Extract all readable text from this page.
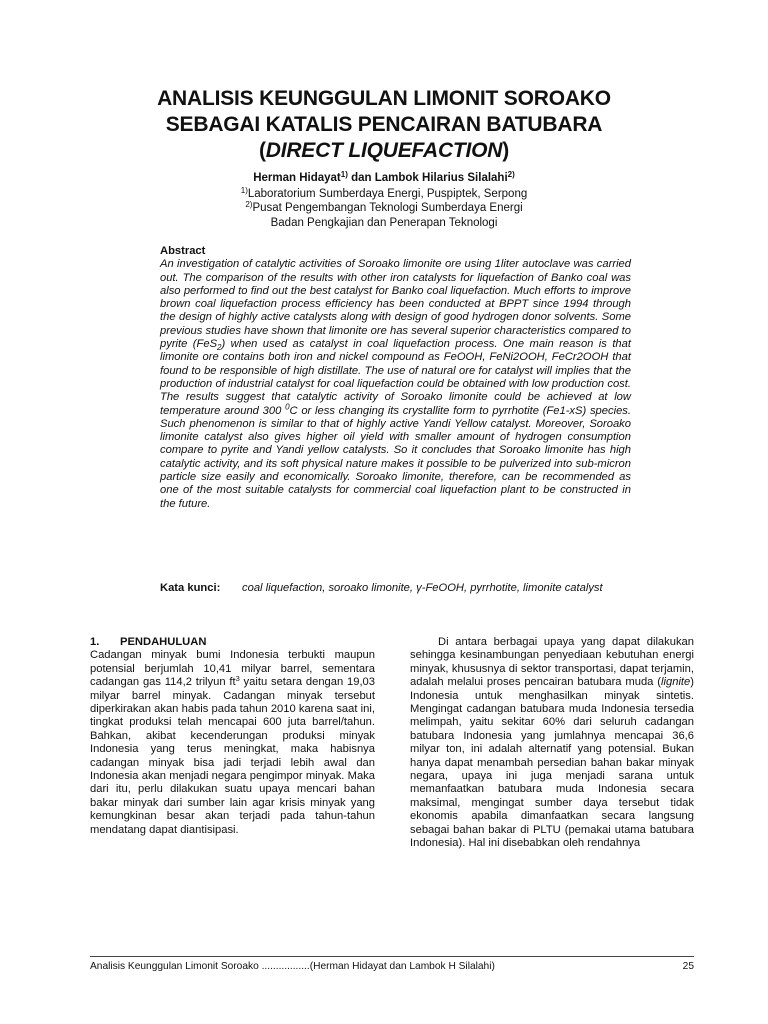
ANALISIS KEUNGGULAN LIMONIT SOROAKO
SEBAGAI KATALIS PENCAIRAN BATUBARA
(DIRECT LIQUEFACTION)
Herman Hidayat$^{1)}$ dan Lambok Hilarius Silalahi$^{2)}$
$^{1)}$Laboratorium Sumberdaya Energi, Puspiptek, Serpong
$^{2)}$Pusat Pengembangan Teknologi Sumberdaya Energi
Badan Pengkajian dan Penerapan Teknologi
Abstract
An investigation of catalytic activities of Soroako limonite ore using 1liter autoclave was carried out. The comparison of the results with other iron catalysts for liquefaction of Banko coal was also performed to find out the best catalyst for Banko coal liquefaction. Much efforts to improve brown coal liquefaction process efficiency has been conducted at BPPT since 1994 through the design of highly active catalysts along with design of good hydrogen donor solvents. Some previous studies have shown that limonite ore has several superior characteristics compared to pyrite (FeS$_2$) when used as catalyst in coal liquefaction process. One main reason is that limonite ore contains both iron and nickel compound as FeOOH, FeNi2OOH, FeCr2OOH that found to be responsible of high distillate. The use of natural ore for catalyst will implies that the production of industrial catalyst for coal liquefaction could be obtained with low production cost. The results suggest that catalytic activity of Soroako limonite could be achieved at low temperature around 300 $^0$C or less changing its crystallite form to pyrrhotite (Fe1-xS) species. Such phenomenon is similar to that of highly active Yandi Yellow catalyst. Moreover, Soroako limonite catalyst also gives higher oil yield with smaller amount of hydrogen consumption compare to pyrite and Yandi yellow catalysts. So it concludes that Soroako limonite has high catalytic activity, and its soft physical nature makes it possible to be pulverized into sub-micron particle size easily and economically. Soroako limonite, therefore, can be recommended as one of the most suitable catalysts for commercial coal liquefaction plant to be constructed in the future.
Kata kunci:	coal liquefaction, soroako limonite, γ-FeOOH, pyrrhotite, limonite catalyst
1.	PENDAHULUAN

Cadangan minyak bumi Indonesia terbukti maupun potensial berjumlah 10,41 milyar barrel, sementara cadangan gas 114,2 trilyun $ft^3$ yaitu setara dengan 19,03 milyar barrel minyak. Cadangan minyak tersebut diperkirakan akan habis pada tahun 2010 karena saat ini, tingkat produksi telah mencapai 600 juta barrel/tahun. Bahkan, akibat kecenderungan produksi minyak Indonesia yang terus meningkat, maka habisnya cadangan minyak bisa jadi terjadi lebih awal dan Indonesia akan menjadi negara pengimpor minyak. Maka dari itu, perlu dilakukan suatu upaya mencari bahan bakar minyak dari sumber lain agar krisis minyak yang kemungkinan besar akan terjadi pada tahun-tahun mendatang dapat diantisipasi.

Di antara berbagai upaya yang dapat dilakukan sehingga kesinambungan penyediaan kebutuhan energi minyak, khususnya di sektor transportasi, dapat terjamin, adalah melalui proses pencairan batubara muda (lignite) Indonesia untuk menghasilkan minyak sintetis. Mengingat cadangan batubara muda Indonesia tersedia melimpah, yaitu sekitar 60% dari seluruh cadangan batubara Indonesia yang jumlahnya mencapai 36,6 milyar ton, ini adalah alternatif yang potensial. Bukan hanya dapat menambah persedian bahan bakar minyak negara, upaya ini juga menjadi sarana untuk memanfaatkan batubara muda Indonesia secara maksimal, mengingat sumber daya tersebut tidak ekonomis apabila dimanfaatkan secara langsung sebagai bahan bakar di PLTU (pemakai utama batubara Indonesia). Hal ini disebabkan oleh rendahnya

Analisis Keunggulan Limonit Soroako .................(Herman Hidayat dan Lambok H Silalahi)	25
